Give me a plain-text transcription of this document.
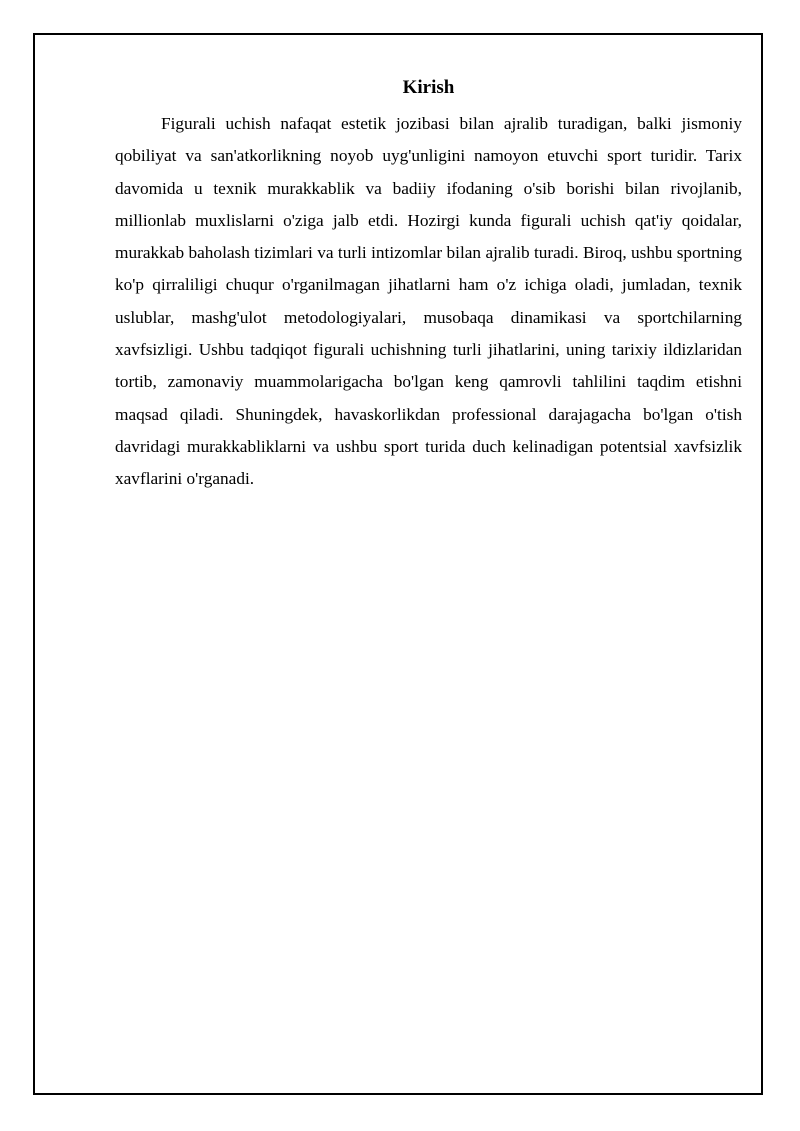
Kirish

Figurali uchish nafaqat estetik jozibasi bilan ajralib turadigan, balki jismoniy qobiliyat va san'atkorlikning noyob uyg'unligini namoyon etuvchi sport turidir. Tarix davomida u texnik murakkablik va badiiy ifodaning o'sib borishi bilan rivojlanib, millionlab muxlislarni o'ziga jalb etdi. Hozirgi kunda figurali uchish qat'iy qoidalar, murakkab baholash tizimlari va turli intizomlar bilan ajralib turadi. Biroq, ushbu sportning ko'p qirraliligi chuqur o'rganilmagan jihatlarni ham o'z ichiga oladi, jumladan, texnik uslublar, mashg'ulot metodologiyalari, musobaqa dinamikasi va sportchilarning xavfsizligi. Ushbu tadqiqot figurali uchishning turli jihatlarini, uning tarixiy ildizlaridan tortib, zamonaviy muammolarigacha bo'lgan keng qamrovli tahlilini taqdim etishni maqsad qiladi. Shuningdek, havaskorlikdan professional darajagacha bo'lgan o'tish davridagi murakkabliklarni va ushbu sport turida duch kelinadigan potentsial xavfsizlik xavflarini o'rganadi.
